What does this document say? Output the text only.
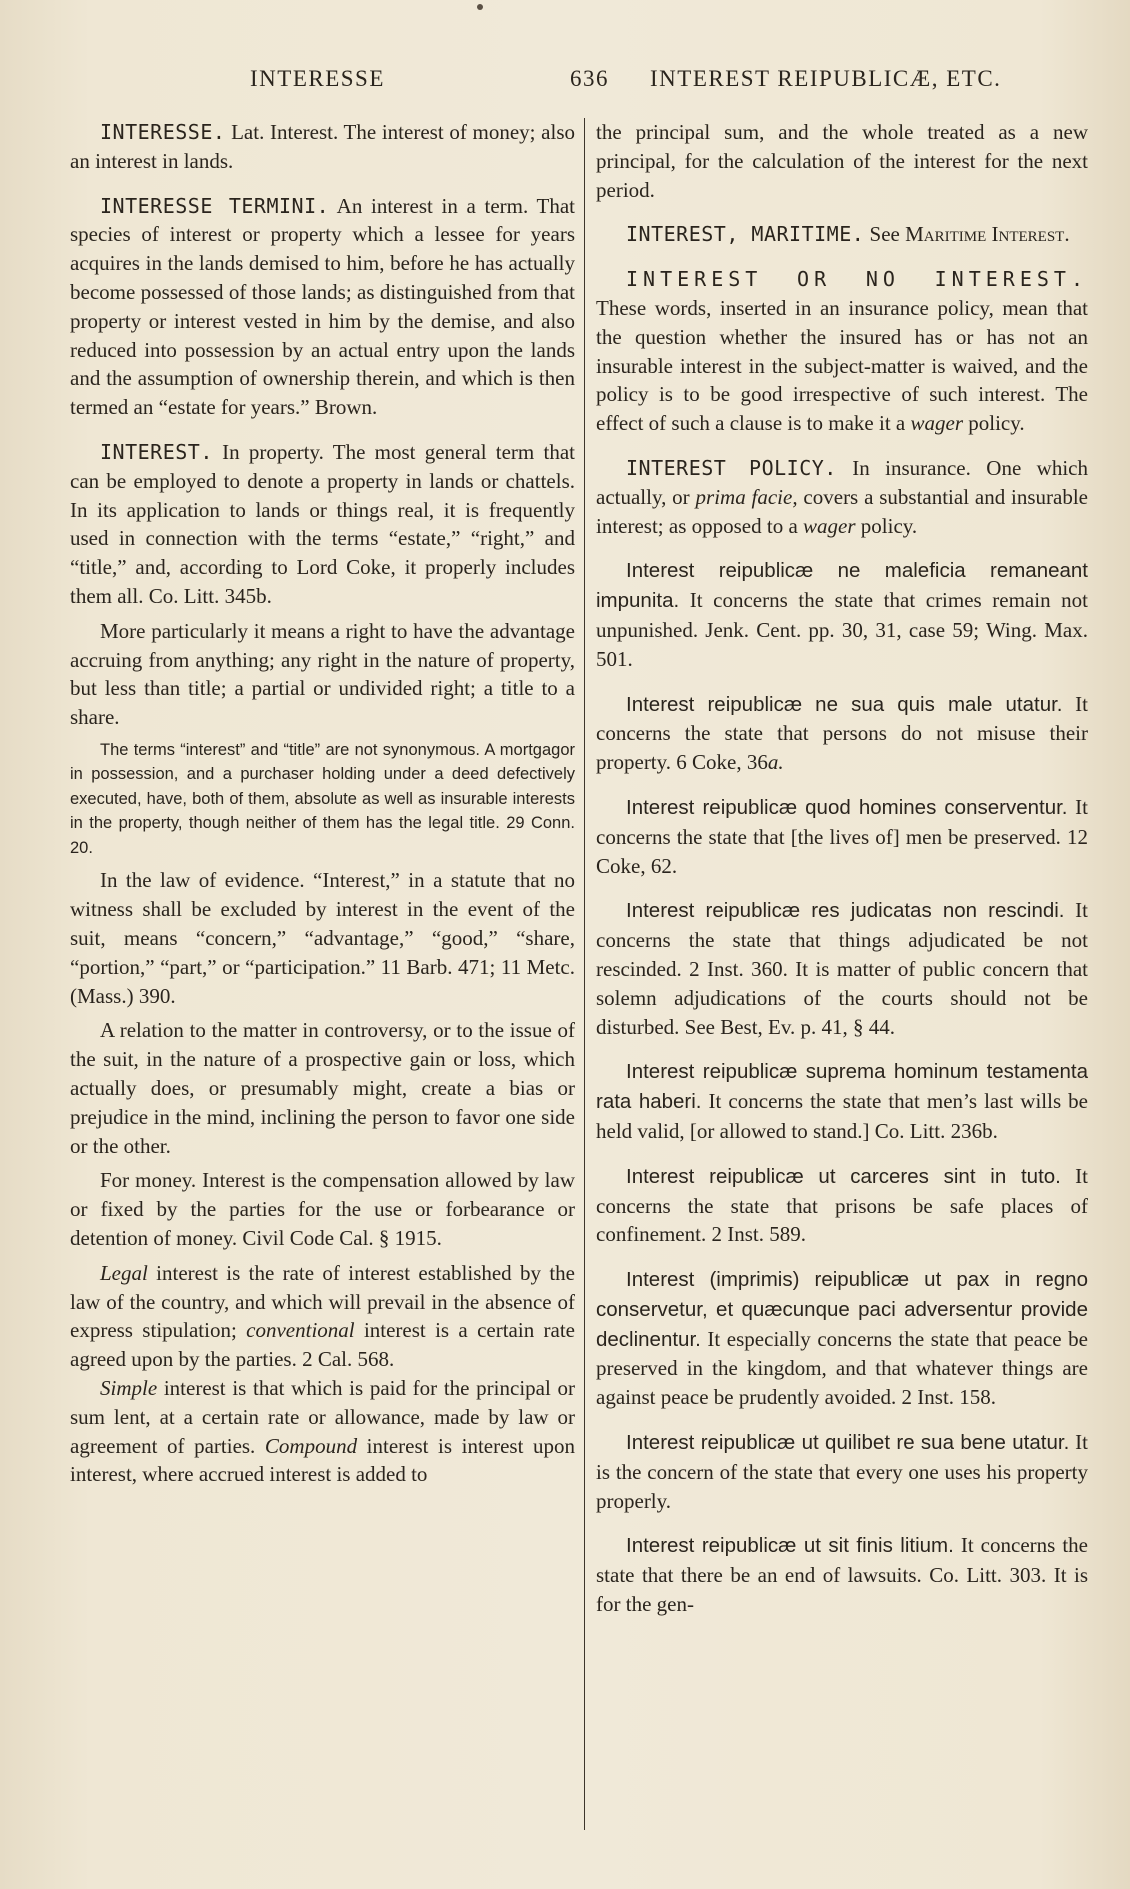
INTERESSE	636 INTEREST REIPUBLICÆ, ETC.

INTERESSE. Lat. Interest. The interest of money; also an interest in lands.

INTERESSE TERMINI. An interest in a term. That species of interest or property which a lessee for years acquires in the lands demised to him, before he has actually become possessed of those lands; as distinguished from that property or interest vested in him by the demise, and also reduced into possession by an actual entry upon the lands and the assumption of ownership therein, and which is then termed an “estate for years.” Brown.

INTEREST. In property. The most general term that can be employed to denote a property in lands or chattels. In its application to lands or things real, it is frequently used in connection with the terms “estate,” “right,” and “title,” and, according to Lord Coke, it properly includes them all. Co. Litt. 345b.

More particularly it means a right to have the advantage accruing from anything; any right in the nature of property, but less than title; a partial or undivided right; a title to a share.

The terms “interest” and “title” are not synonymous. A mortgagor in possession, and a purchaser holding under a deed defectively executed, have, both of them, absolute as well as insurable interests in the property, though neither of them has the legal title. 29 Conn. 20.

In the law of evidence. “Interest,” in a statute that no witness shall be excluded by interest in the event of the suit, means “concern,” “advantage,” “good,” “share, “portion,” “part,” or “participation.” 11 Barb. 471; 11 Metc. (Mass.) 390.

A relation to the matter in controversy, or to the issue of the suit, in the nature of a prospective gain or loss, which actually does, or presumably might, create a bias or prejudice in the mind, inclining the person to favor one side or the other.

For money. Interest is the compensation allowed by law or fixed by the parties for the use or forbearance or detention of money. Civil Code Cal. § 1915.

Legal interest is the rate of interest established by the law of the country, and which will prevail in the absence of express stipulation; conventional interest is a certain rate agreed upon by the parties. 2 Cal. 568.

Simple interest is that which is paid for the principal or sum lent, at a certain rate or allowance, made by law or agreement of parties. Compound interest is interest upon interest, where accrued interest is added to

the principal sum, and the whole treated as a new principal, for the calculation of the interest for the next period.

INTEREST, MARITIME. See Maritime Interest.

INTEREST OR NO INTEREST. These words, inserted in an insurance policy, mean that the question whether the insured has or has not an insurable interest in the subject-matter is waived, and the policy is to be good irrespective of such interest. The effect of such a clause is to make it a wager policy.

INTEREST POLICY. In insurance. One which actually, or prima facie, covers a substantial and insurable interest; as opposed to a wager policy.

Interest reipublicæ ne maleficia remaneant impunita. It concerns the state that crimes remain not unpunished. Jenk. Cent. pp. 30, 31, case 59; Wing. Max. 501.

Interest reipublicæ ne sua quis male utatur. It concerns the state that persons do not misuse their property. 6 Coke, 36a.

Interest reipublicæ quod homines conserventur. It concerns the state that [the lives of] men be preserved. 12 Coke, 62.

Interest reipublicæ res judicatas non rescindi. It concerns the state that things adjudicated be not rescinded. 2 Inst. 360. It is matter of public concern that solemn adjudications of the courts should not be disturbed. See Best, Ev. p. 41, § 44.

Interest reipublicæ suprema hominum testamenta rata haberi. It concerns the state that men’s last wills be held valid, [or allowed to stand.] Co. Litt. 236b.

Interest reipublicæ ut carceres sint in tuto. It concerns the state that prisons be safe places of confinement. 2 Inst. 589.

Interest (imprimis) reipublicæ ut pax in regno conservetur, et quæcunque paci adversentur provide declinentur. It especially concerns the state that peace be preserved in the kingdom, and that whatever things are against peace be prudently avoided. 2 Inst. 158.

Interest reipublicæ ut quilibet re sua bene utatur. It is the concern of the state that every one uses his property properly.

Interest reipublicæ ut sit finis litium. It concerns the state that there be an end of lawsuits. Co. Litt. 303. It is for the gen-
